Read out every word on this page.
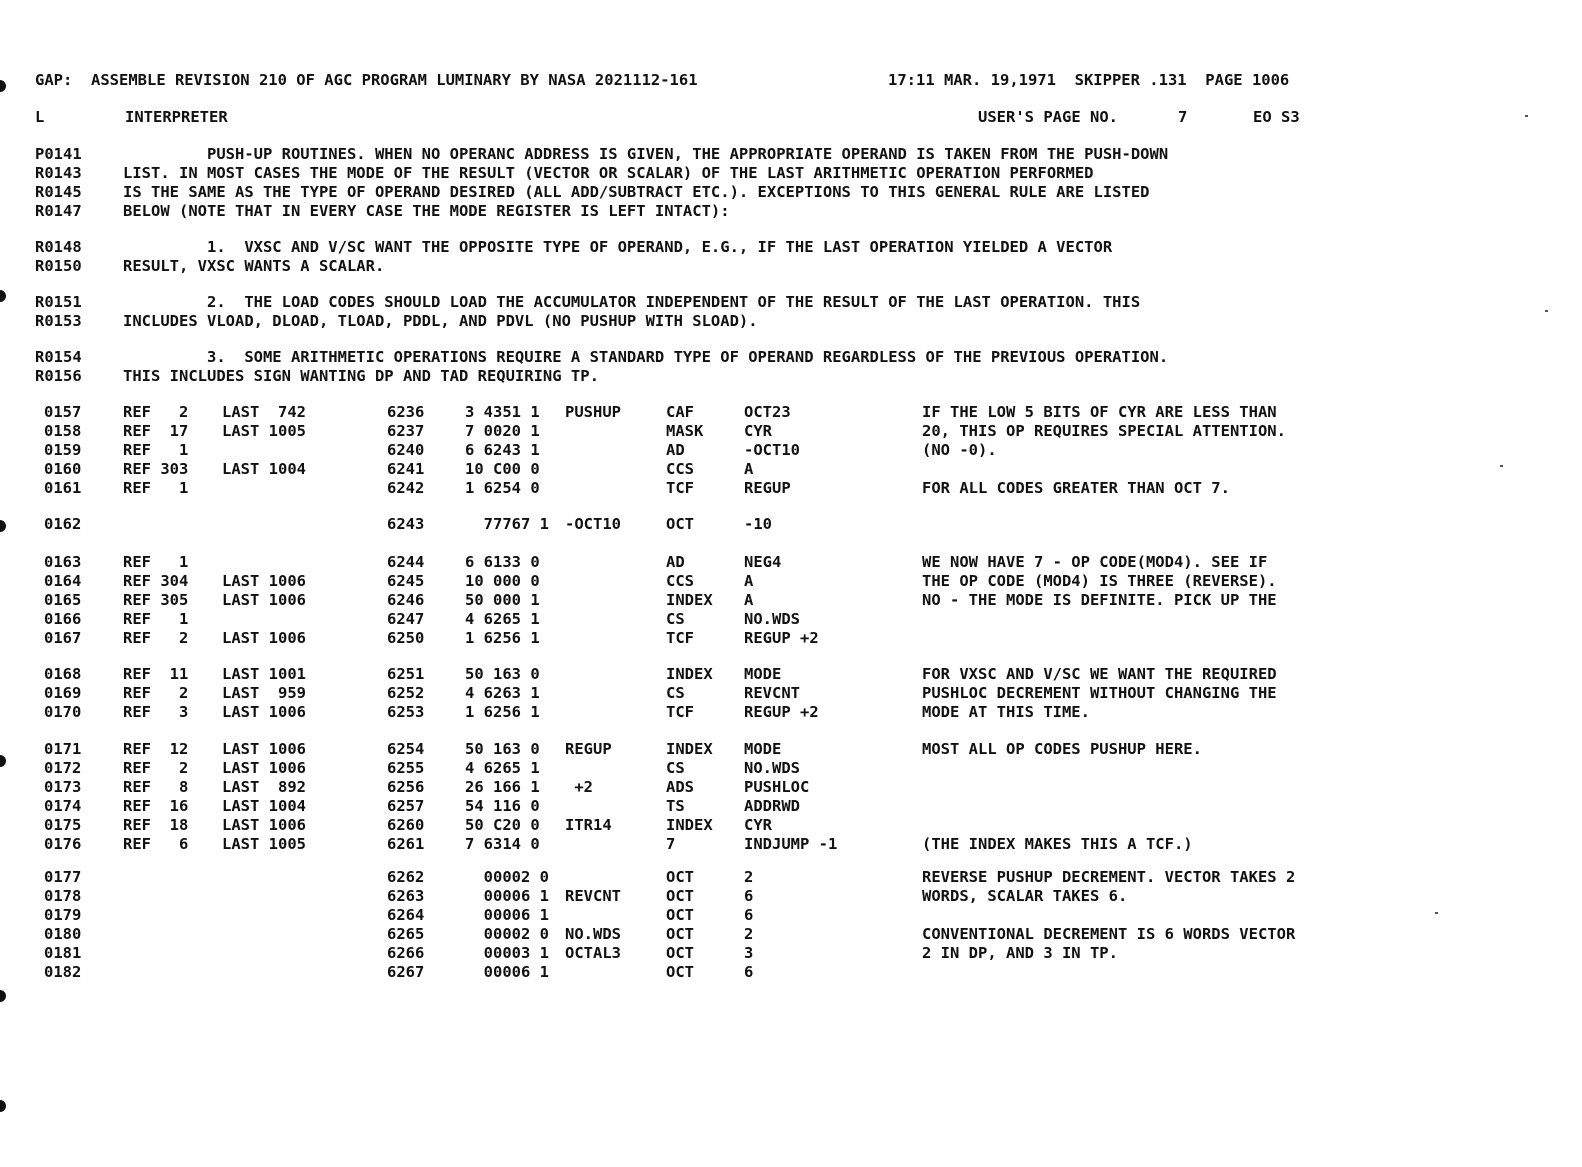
GAP:  ASSEMBLE REVISION 210 OF AGC PROGRAM LUMINARY BY NASA 2021112-161	17:11 MAR. 19,1971  SKIPPER .131  PAGE 1006
L	INTERPRETER	USER'S PAGE NO.	7	EO S3
P0141	PUSH-UP ROUTINES. WHEN NO OPERANC ADDRESS IS GIVEN, THE APPROPRIATE OPERAND IS TAKEN FROM THE PUSH-DOWN
R0143	LIST. IN MOST CASES THE MODE OF THE RESULT (VECTOR OR SCALAR) OF THE LAST ARITHMETIC OPERATION PERFORMED
R0145	IS THE SAME AS THE TYPE OF OPERAND DESIRED (ALL ADD/SUBTRACT ETC.). EXCEPTIONS TO THIS GENERAL RULE ARE LISTED
R0147	BELOW (NOTE THAT IN EVERY CASE THE MODE REGISTER IS LEFT INTACT):
R0148	1.  VXSC AND V/SC WANT THE OPPOSITE TYPE OF OPERAND, E.G., IF THE LAST OPERATION YIELDED A VECTOR
R0150	RESULT, VXSC WANTS A SCALAR.
R0151	2.  THE LOAD CODES SHOULD LOAD THE ACCUMULATOR INDEPENDENT OF THE RESULT OF THE LAST OPERATION. THIS
R0153	INCLUDES VLOAD, DLOAD, TLOAD, PDDL, AND PDVL (NO PUSHUP WITH SLOAD).
R0154	3.  SOME ARITHMETIC OPERATIONS REQUIRE A STANDARD TYPE OF OPERAND REGARDLESS OF THE PREVIOUS OPERATION.
R0156	THIS INCLUDES SIGN WANTING DP AND TAD REQUIRING TP.
0157	REF   2 LAST  742	6236	3 4351 1 PUSHUP	CAF	OCT23	IF THE LOW 5 BITS OF CYR ARE LESS THAN
0158	REF  17 LAST 1005	6237	7 0020 1	MASK	CYR	20, THIS OP REQUIRES SPECIAL ATTENTION.
0159	REF   1	6240	6 6243 1	AD	-OCT10	(NO -0).
0160	REF 303 LAST 1004	6241	10 C00 0	CCS	A
0161	REF   1	6242	1 6254 0	TCF	REGUP	FOR ALL CODES GREATER THAN OCT 7.
0162	6243	77767 1 -OCT10	OCT	-10
0163	REF   1	6244	6 6133 0	AD	NEG4	WE NOW HAVE 7 - OP CODE(MOD4). SEE IF
0164	REF 304 LAST 1006	6245	10 000 0	CCS	A	THE OP CODE (MOD4) IS THREE (REVERSE).
0165	REF 305 LAST 1006	6246	50 000 1	INDEX A	NO - THE MODE IS DEFINITE. PICK UP THE
0166	REF   1	6247	4 6265 1	CS	NO.WDS
0167	REF   2 LAST 1006	6250	1 6256 1	TCF	REGUP +2
0168	REF  11 LAST 1001	6251	50 163 0	INDEX MODE	FOR VXSC AND V/SC WE WANT THE REQUIRED
0169	REF   2 LAST  959	6252	4 6263 1	CS	REVCNT	PUSHLOC DECREMENT WITHOUT CHANGING THE
0170	REF   3 LAST 1006	6253	1 6256 1	TCF	REGUP +2	MODE AT THIS TIME.
0171	REF  12 LAST 1006	6254	50 163 0 REGUP	INDEX MODE	MOST ALL OP CODES PUSHUP HERE.
0172	REF   2 LAST 1006	6255	4 6265 1	CS	NO.WDS
0173	REF   8 LAST  892	6256	26 166 1 +2	ADS	PUSHLOC
0174	REF  16 LAST 1004	6257	54 116 0	TS	ADDRWD
0175	REF  18 LAST 1006	6260	50 C20 0 ITR14	INDEX CYR
0176	REF   6 LAST 1005	6261	7 6314 0	7	INDJUMP -1	(THE INDEX MAKES THIS A TCF.)
0177	6262	00002 0	OCT	2	REVERSE PUSHUP DECREMENT. VECTOR TAKES 2
0178	6263	00006 1 REVCNT	OCT	6	WORDS, SCALAR TAKES 6.
0179	6264	00006 1	OCT	6
0180	6265	00002 0 NO.WDS	OCT	2	CONVENTIONAL DECREMENT IS 6 WORDS VECTOR
0181	6266	00003 1 OCTAL3	OCT	3	2 IN DP, AND 3 IN TP.
0182	6267	00006 1	OCT	6
